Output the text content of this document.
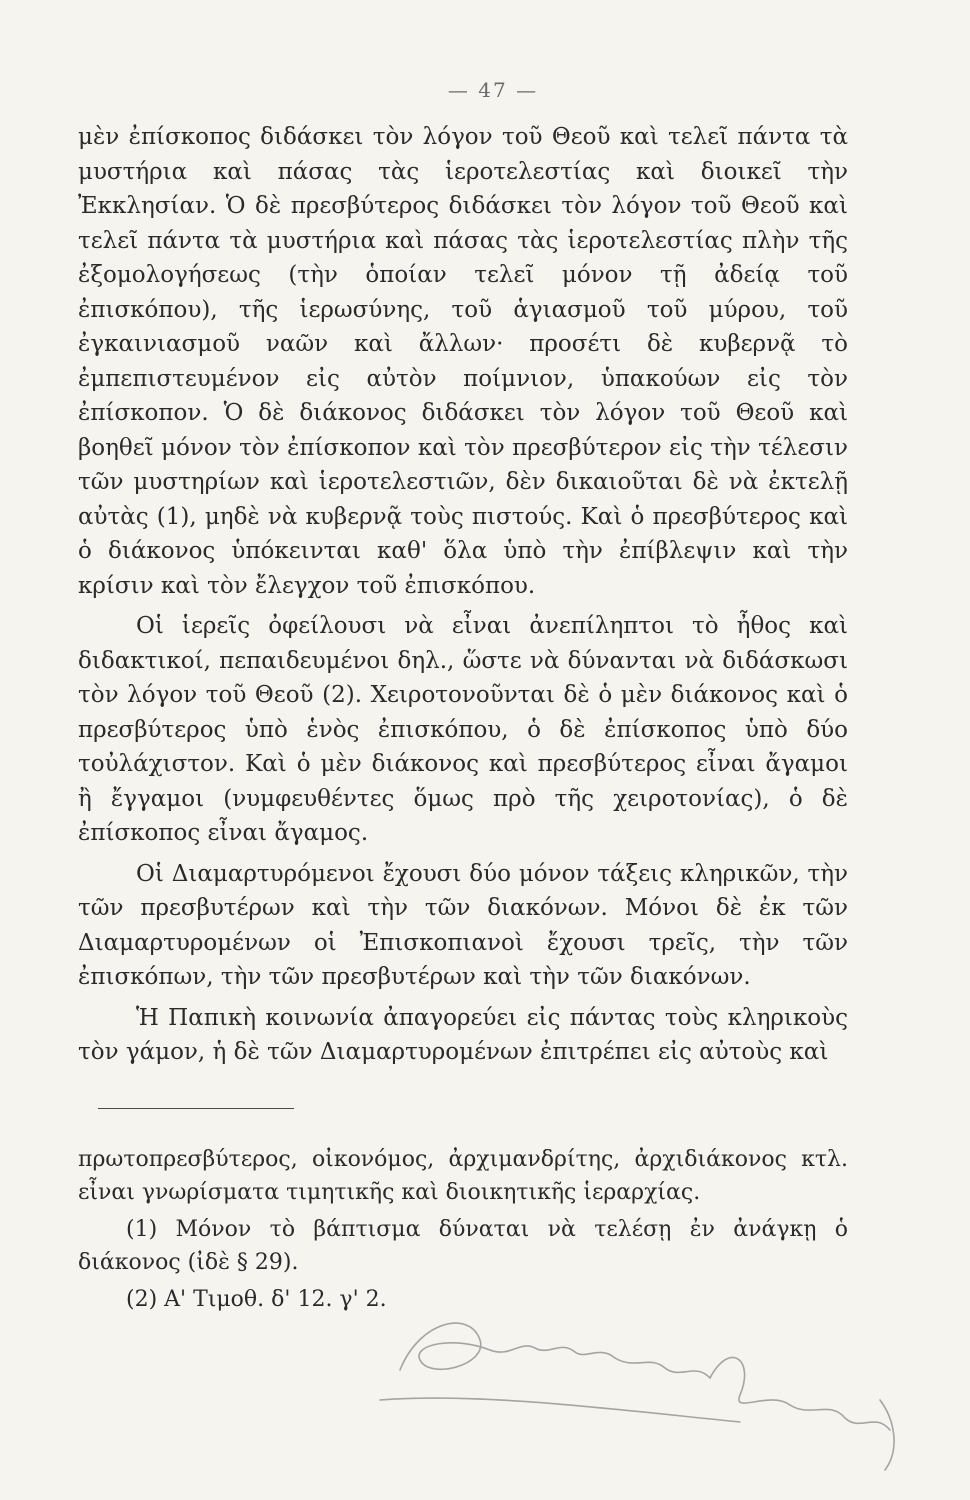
— 47 —

μὲν ἐπίσκοπος διδάσκει τὸν λόγον τοῦ Θεοῦ καὶ τελεῖ πάντα τὰ μυστήρια καὶ πάσας τὰς ἱεροτελεστίας καὶ διοικεῖ τὴν Ἐκκλησίαν. Ὁ δὲ πρεσβύτερος διδάσκει τὸν λόγον τοῦ Θεοῦ καὶ τελεῖ πάντα τὰ μυστήρια καὶ πάσας τὰς ἱεροτελεστίας πλὴν τῆς ἐξομολογήσεως (τὴν ὁποίαν τελεῖ μόνον τῇ ἀδείᾳ τοῦ ἐπισκόπου), τῆς ἱερωσύνης, τοῦ ἁγιασμοῦ τοῦ μύρου, τοῦ ἐγκαινιασμοῦ ναῶν καὶ ἄλλων· προσέτι δὲ κυβερνᾷ τὸ ἐμπεπιστευμένον εἰς αὐτὸν ποίμνιον, ὑπακούων εἰς τὸν ἐπίσκοπον. Ὁ δὲ διάκονος διδάσκει τὸν λόγον τοῦ Θεοῦ καὶ βοηθεῖ μόνον τὸν ἐπίσκοπον καὶ τὸν πρεσβύτερον εἰς τὴν τέλεσιν τῶν μυστηρίων καὶ ἱεροτελεστιῶν, δὲν δικαιοῦται δὲ νὰ ἐκτελῇ αὐτὰς (1), μηδὲ νὰ κυβερνᾷ τοὺς πιστούς. Καὶ ὁ πρεσβύτερος καὶ ὁ διάκονος ὑπόκεινται καθ' ὅλα ὑπὸ τὴν ἐπίβλεψιν καὶ τὴν κρίσιν καὶ τὸν ἔλεγχον τοῦ ἐπισκόπου.

Οἱ ἱερεῖς ὀφείλουσι νὰ εἶναι ἀνεπίληπτοι τὸ ἦθος καὶ διδακτικοί, πεπαιδευμένοι δηλ., ὥστε νὰ δύνανται νὰ διδάσκωσι τὸν λόγον τοῦ Θεοῦ (2). Χειροτονοῦνται δὲ ὁ μὲν διάκονος καὶ ὁ πρεσβύτερος ὑπὸ ἑνὸς ἐπισκόπου, ὁ δὲ ἐπίσκοπος ὑπὸ δύο τοὐλάχιστον. Καὶ ὁ μὲν διάκονος καὶ πρεσβύτερος εἶναι ἄγαμοι ἢ ἔγγαμοι (νυμφευθέντες ὅμως πρὸ τῆς χειροτονίας), ὁ δὲ ἐπίσκοπος εἶναι ἄγαμος.

Οἱ Διαμαρτυρόμενοι ἔχουσι δύο μόνον τάξεις κληρικῶν, τὴν τῶν πρεσβυτέρων καὶ τὴν τῶν διακόνων. Μόνοι δὲ ἐκ τῶν Διαμαρτυρομένων οἱ Ἐπισκοπιανοὶ ἔχουσι τρεῖς, τὴν τῶν ἐπισκόπων, τὴν τῶν πρεσβυτέρων καὶ τὴν τῶν διακόνων.

Ἡ Παπικὴ κοινωνία ἀπαγορεύει εἰς πάντας τοὺς κληρικοὺς τὸν γάμον, ἡ δὲ τῶν Διαμαρτυρομένων ἐπιτρέπει εἰς αὐτοὺς καὶ

πρωτοπρεσβύτερος, οἰκονόμος, ἀρχιμανδρίτης, ἀρχιδιάκονος κτλ. εἶναι γνωρίσματα τιμητικῆς καὶ διοικητικῆς ἱεραρχίας.

(1) Μόνον τὸ βάπτισμα δύναται νὰ τελέσῃ ἐν ἀνάγκῃ ὁ διάκονος (ἰδὲ § 29).

(2) Α' Τιμοθ. δ' 12. γ' 2.
